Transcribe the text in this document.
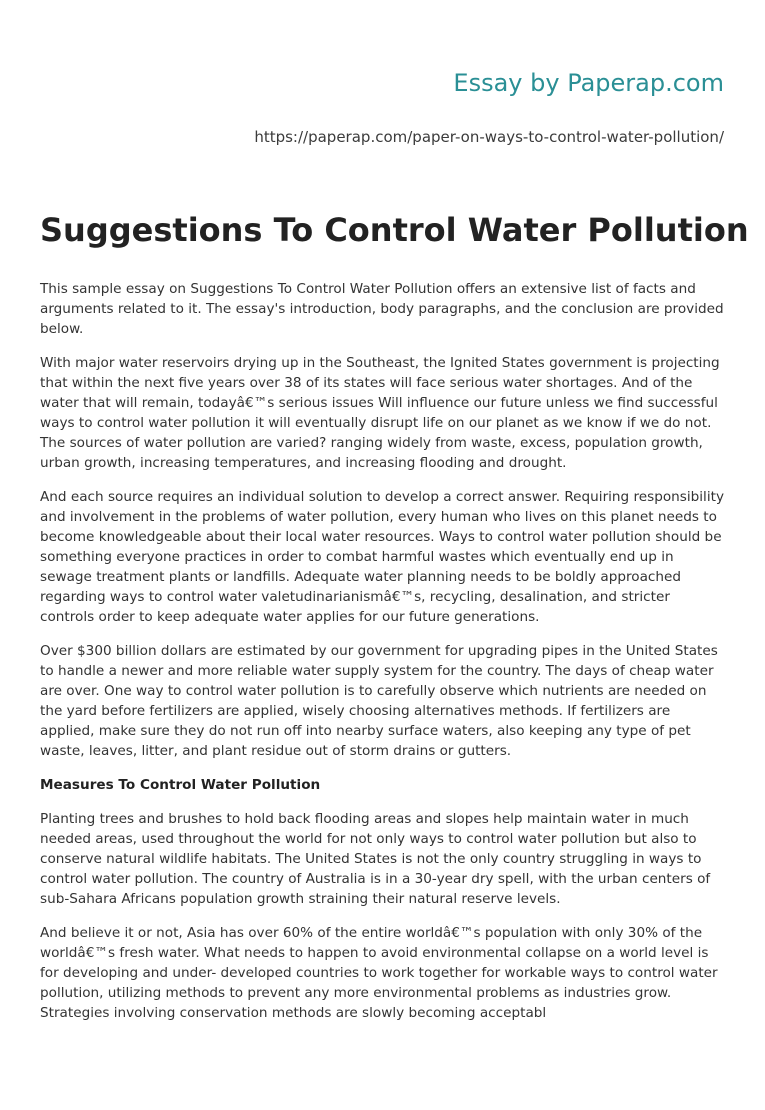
Essay by Paperap.com
https://paperap.com/paper-on-ways-to-control-water-pollution/
Suggestions To Control Water Pollution

This sample essay on Suggestions To Control Water Pollution offers an extensive list of facts and arguments related to it. The essay's introduction, body paragraphs, and the conclusion are provided below.

With major water reservoirs drying up in the Southeast, the Ignited States government is projecting that within the next five years over 38 of its states will face serious water shortages. And of the water that will remain, todayâ€™s serious issues Will influence our future unless we find successful ways to control water pollution it will eventually disrupt life on our planet as we know if we do not. The sources of water pollution are varied? ranging widely from waste, excess, population growth, urban growth, increasing temperatures, and increasing flooding and drought.

And each source requires an individual solution to develop a correct answer. Requiring responsibility and involvement in the problems of water pollution, every human who lives on this planet needs to become knowledgeable about their local water resources. Ways to control water pollution should be something everyone practices in order to combat harmful wastes which eventually end up in sewage treatment plants or landfills. Adequate water planning needs to be boldly approached regarding ways to control water valetudinarianismâ€™s, recycling, desalination, and stricter controls order to keep adequate water applies for our future generations.

Over $300 billion dollars are estimated by our government for upgrading pipes in the United States to handle a newer and more reliable water supply system for the country. The days of cheap water are over. One way to control water pollution is to carefully observe which nutrients are needed on the yard before fertilizers are applied, wisely choosing alternatives methods. If fertilizers are applied, make sure they do not run off into nearby surface waters, also keeping any type of pet waste, leaves, litter, and plant residue out of storm drains or gutters.

Measures To Control Water Pollution

Planting trees and brushes to hold back flooding areas and slopes help maintain water in much needed areas, used throughout the world for not only ways to control water pollution but also to conserve natural wildlife habitats. The United States is not the only country struggling in ways to control water pollution. The country of Australia is in a 30-year dry spell, with the urban centers of sub-Sahara Africans population growth straining their natural reserve levels.

And believe it or not, Asia has over 60% of the entire worldâ€™s population with only 30% of the worldâ€™s fresh water. What needs to happen to avoid environmental collapse on a world level is for developing and under- developed countries to work together for workable ways to control water pollution, utilizing methods to prevent any more environmental problems as industries grow. Strategies involving conservation methods are slowly becoming acceptabl
